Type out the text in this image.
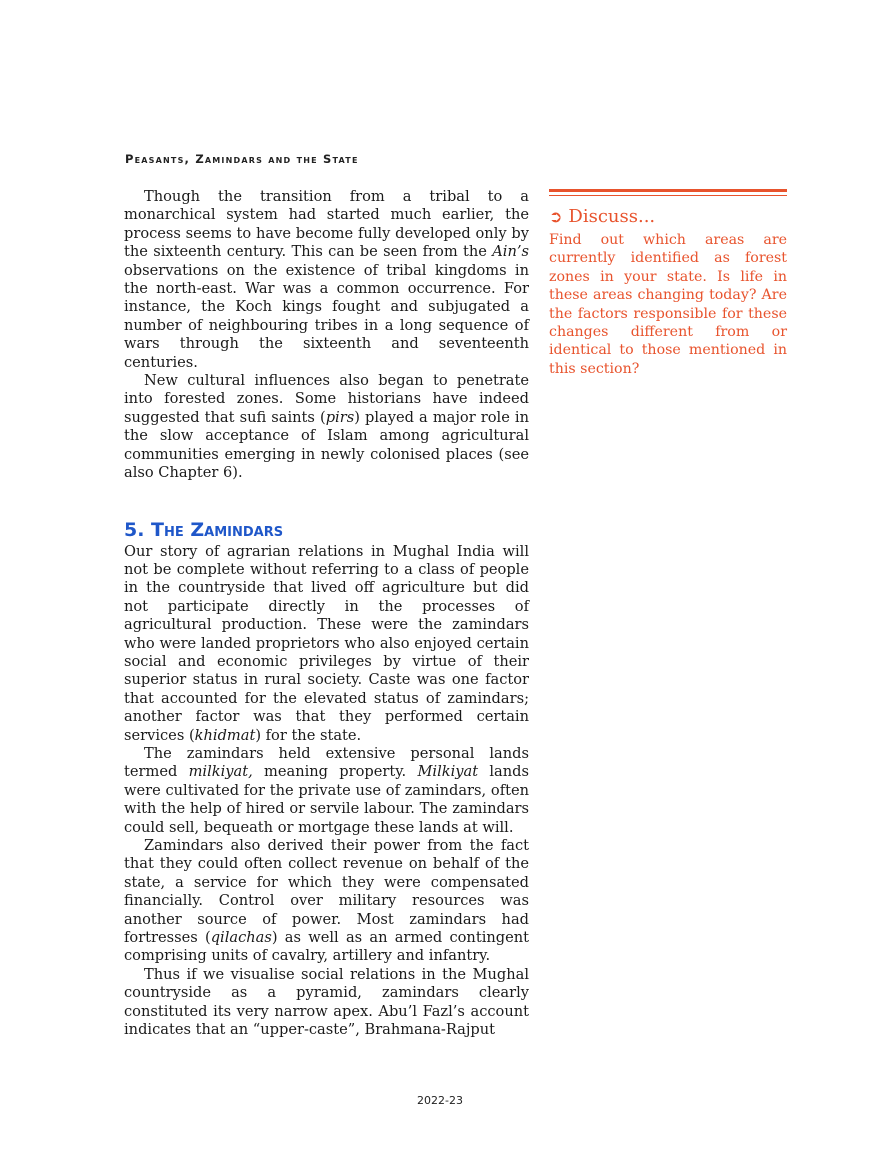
Peasants, Zamindars and the State

Though the transition from a tribal to a monarchical system had started much earlier, the process seems to have become fully developed only by the sixteenth century. This can be seen from the Ain’s observations on the existence of tribal kingdoms in the north-east. War was a common occurrence. For instance, the Koch kings fought and subjugated a number of neighbouring tribes in a long sequence of wars through the sixteenth and seventeenth centuries.

New cultural influences also began to penetrate into forested zones. Some historians have indeed suggested that sufi saints (pirs) played a major role in the slow acceptance of Islam among agricultural communities emerging in newly colonised places (see also Chapter 6).

5. The Zamindars

Our story of agrarian relations in Mughal India will not be complete without referring to a class of people in the countryside that lived off agriculture but did not participate directly in the processes of agricultural production. These were the zamindars who were landed proprietors who also enjoyed certain social and economic privileges by virtue of their superior status in rural society. Caste was one factor that accounted for the elevated status of zamindars; another factor was that they performed certain services (khidmat) for the state.

The zamindars held extensive personal lands termed milkiyat, meaning property. Milkiyat lands were cultivated for the private use of zamindars, often with the help of hired or servile labour. The zamindars could sell, bequeath or mortgage these lands at will.

Zamindars also derived their power from the fact that they could often collect revenue on behalf of the state, a service for which they were compensated financially. Control over military resources was another source of power. Most zamindars had fortresses (qilachas) as well as an armed contingent comprising units of cavalry, artillery and infantry.

Thus if we visualise social relations in the Mughal countryside as a pyramid, zamindars clearly constituted its very narrow apex. Abu’l Fazl’s account indicates that an “upper-caste”, Brahmana-Rajput

➲ Discuss...
Find out which areas are currently identified as forest zones in your state. Is life in these areas changing today? Are the factors responsible for these changes different from or identical to those mentioned in this section?
2022-23
